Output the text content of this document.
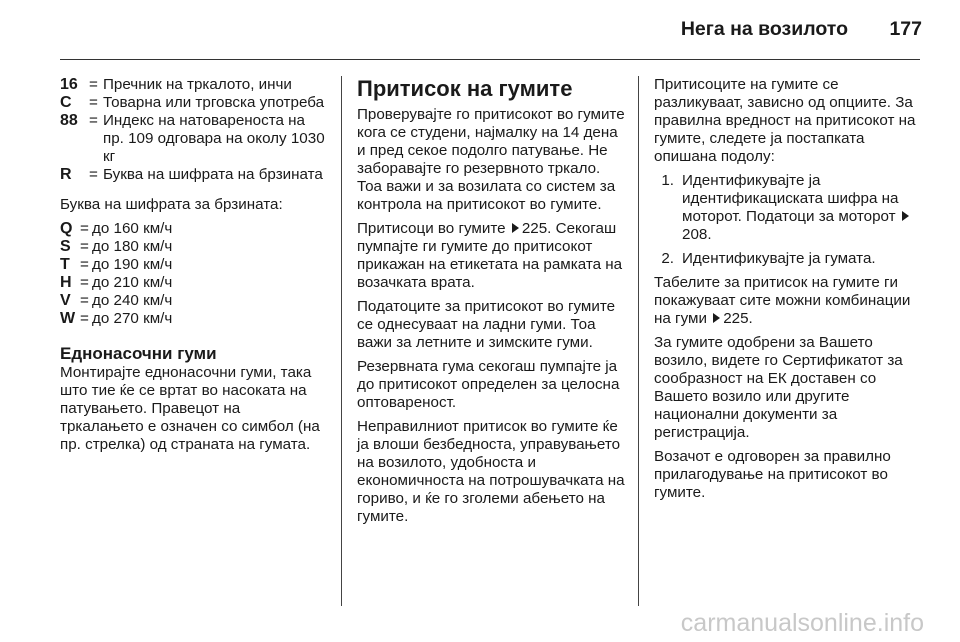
Нега на возилото 177
16 = Пречник на тркалото, инчи
C	= Товарна или трговска употреба
88 = Индекс на натовареноста на пр. 109 одговара на околу 1030 кг
R	= Буква на шифрата на брзината

Буква на шифрата за брзината:

Q = до 160 км/ч
S = до 180 км/ч
T = до 190 км/ч
H = до 210 км/ч
V = до 240 км/ч
W = до 270 км/ч
Еднонасочни гуми

Монтирајте еднонасочни гуми, така што тие ќе се вртат во насоката на патувањето. Правецот на тркалањето е означен со симбол (на пр. стрелка) од страната на гумата.

Притисок на гумите

Проверувајте го притисокот во гумите кога се студени, најмалку на 14 дена и пред секое подолго патување. Не заборавајте го резервното тркало. Тоа важи и за возилата со систем за контрола на притисокот во гумите.

Притисоци во гумите 225. Секогаш пумпајте ги гумите до притисокот прикажан на етикетата на рамката на возачката врата.

Податоците за притисокот во гумите се однесуваат на ладни гуми. Тоа важи за летните и зимските гуми.

Резервната гума секогаш пумпајте ја до притисокот определен за целосна оптовареност.

Неправилниот притисок во гумите ќе ја влоши безбедноста, управувањето на возилото, удобноста и економичноста на потрошувачката на гориво, и ќе го зголеми абењето на гумите.

Притисоците на гумите се разликуваат, зависно од опциите. За правилна вредност на притисокот на гумите, следете ја постапката опишана подолу:

1. Идентификувајте ја идентификациската шифра на моторот. Податоци за моторот 208.
2. Идентификувајте ја гумата.

Табелите за притисок на гумите ги покажуваат сите можни комбинации на гуми 225.

За гумите одобрени за Вашето возило, видете го Сертификатот за сообразност на ЕК доставен со Вашето возило или другите национални документи за регистрација.

Возачот е одговорен за правилно прилагодување на притисокот во гумите.

carmanualsonline.info
